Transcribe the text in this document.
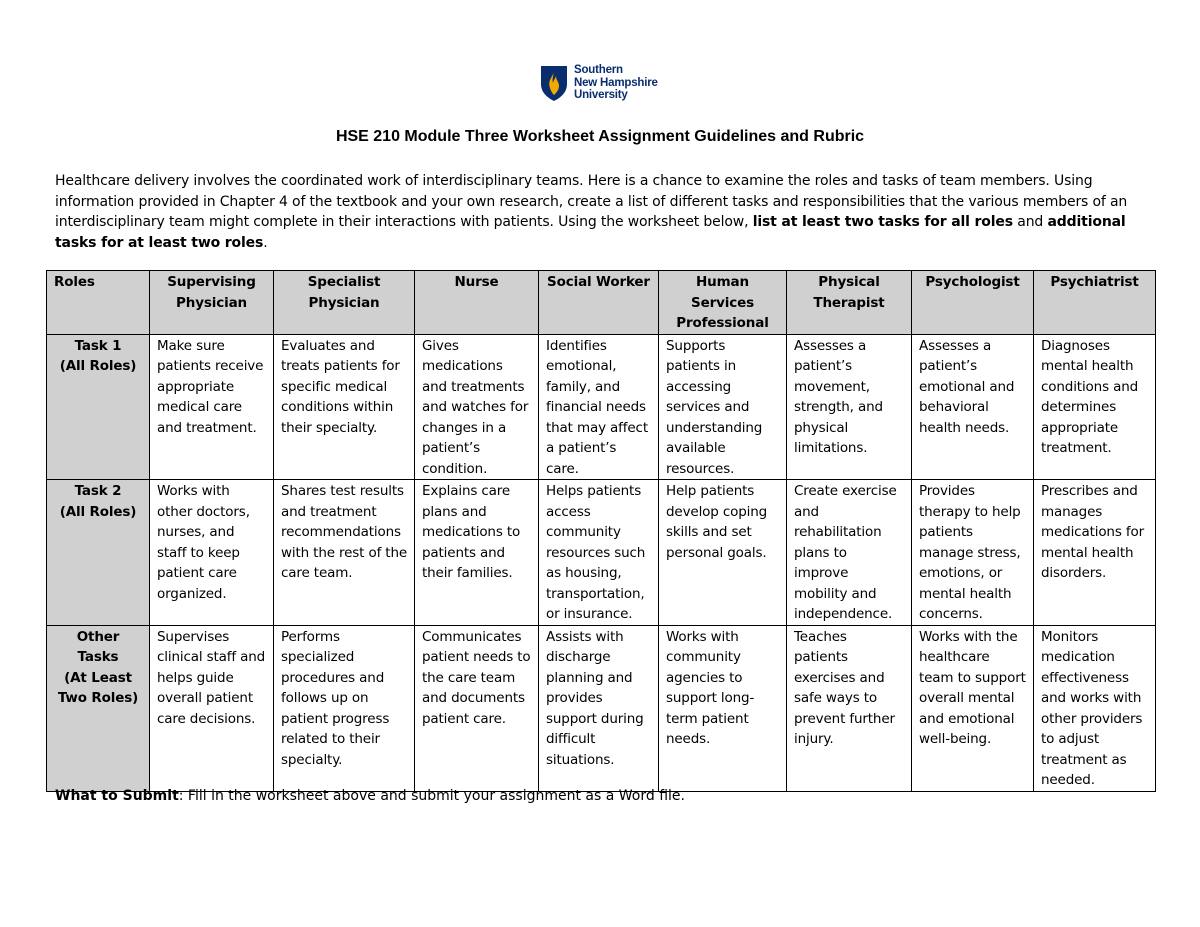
Southern
New Hampshire
University
HSE 210 Module Three Worksheet Assignment Guidelines and Rubric
Healthcare delivery involves the coordinated work of interdisciplinary teams. Here is a chance to examine the roles and tasks of team members. Using information provided in Chapter 4 of the textbook and your own research, create a list of different tasks and responsibilities that the various members of an interdisciplinary team might complete in their interactions with patients. Using the worksheet below, list at least two tasks for all roles and additional tasks for at least two roles.
Roles	Supervising Physician	Specialist Physician	Nurse	Social Worker	Human Services Professional	Physical Therapist	Psychologist	Psychiatrist
Task 1
(All Roles)	Make sure patients receive appropriate medical care and treatment.	Evaluates and treats patients for specific medical conditions within their specialty.	Gives medications and treatments and watches for changes in a patient’s condition.	Identifies emotional, family, and financial needs that may affect a patient’s care.	Supports patients in accessing services and understanding available resources.	Assesses a patient’s movement, strength, and physical limitations.	Assesses a patient’s emotional and behavioral health needs.	Diagnoses mental health conditions and determines appropriate treatment.
Task 2
(All Roles)	Works with other doctors, nurses, and staff to keep patient care organized.	Shares test results and treatment recommendations with the rest of the care team.	Explains care plans and medications to patients and their families.	Helps patients access community resources such as housing, transportation, or insurance.	Help patients develop coping skills and set personal goals.	Create exercise and rehabilitation plans to improve mobility and independence.	Provides therapy to help patients manage stress, emotions, or mental health concerns.	Prescribes and manages medications for mental health disorders.
Other Tasks
(At Least
Two Roles)	Supervises clinical staff and helps guide overall patient care decisions.	Performs specialized procedures and follows up on patient progress related to their specialty.	Communicates patient needs to the care team and documents patient care.	Assists with discharge planning and provides support during difficult situations.	Works with community agencies to support long-term patient needs.	Teaches patients exercises and safe ways to prevent further injury.	Works with the healthcare team to support overall mental and emotional well-being.	Monitors medication effectiveness and works with other providers to adjust treatment as needed.
What to Submit: Fill in the worksheet above and submit your assignment as a Word file.
